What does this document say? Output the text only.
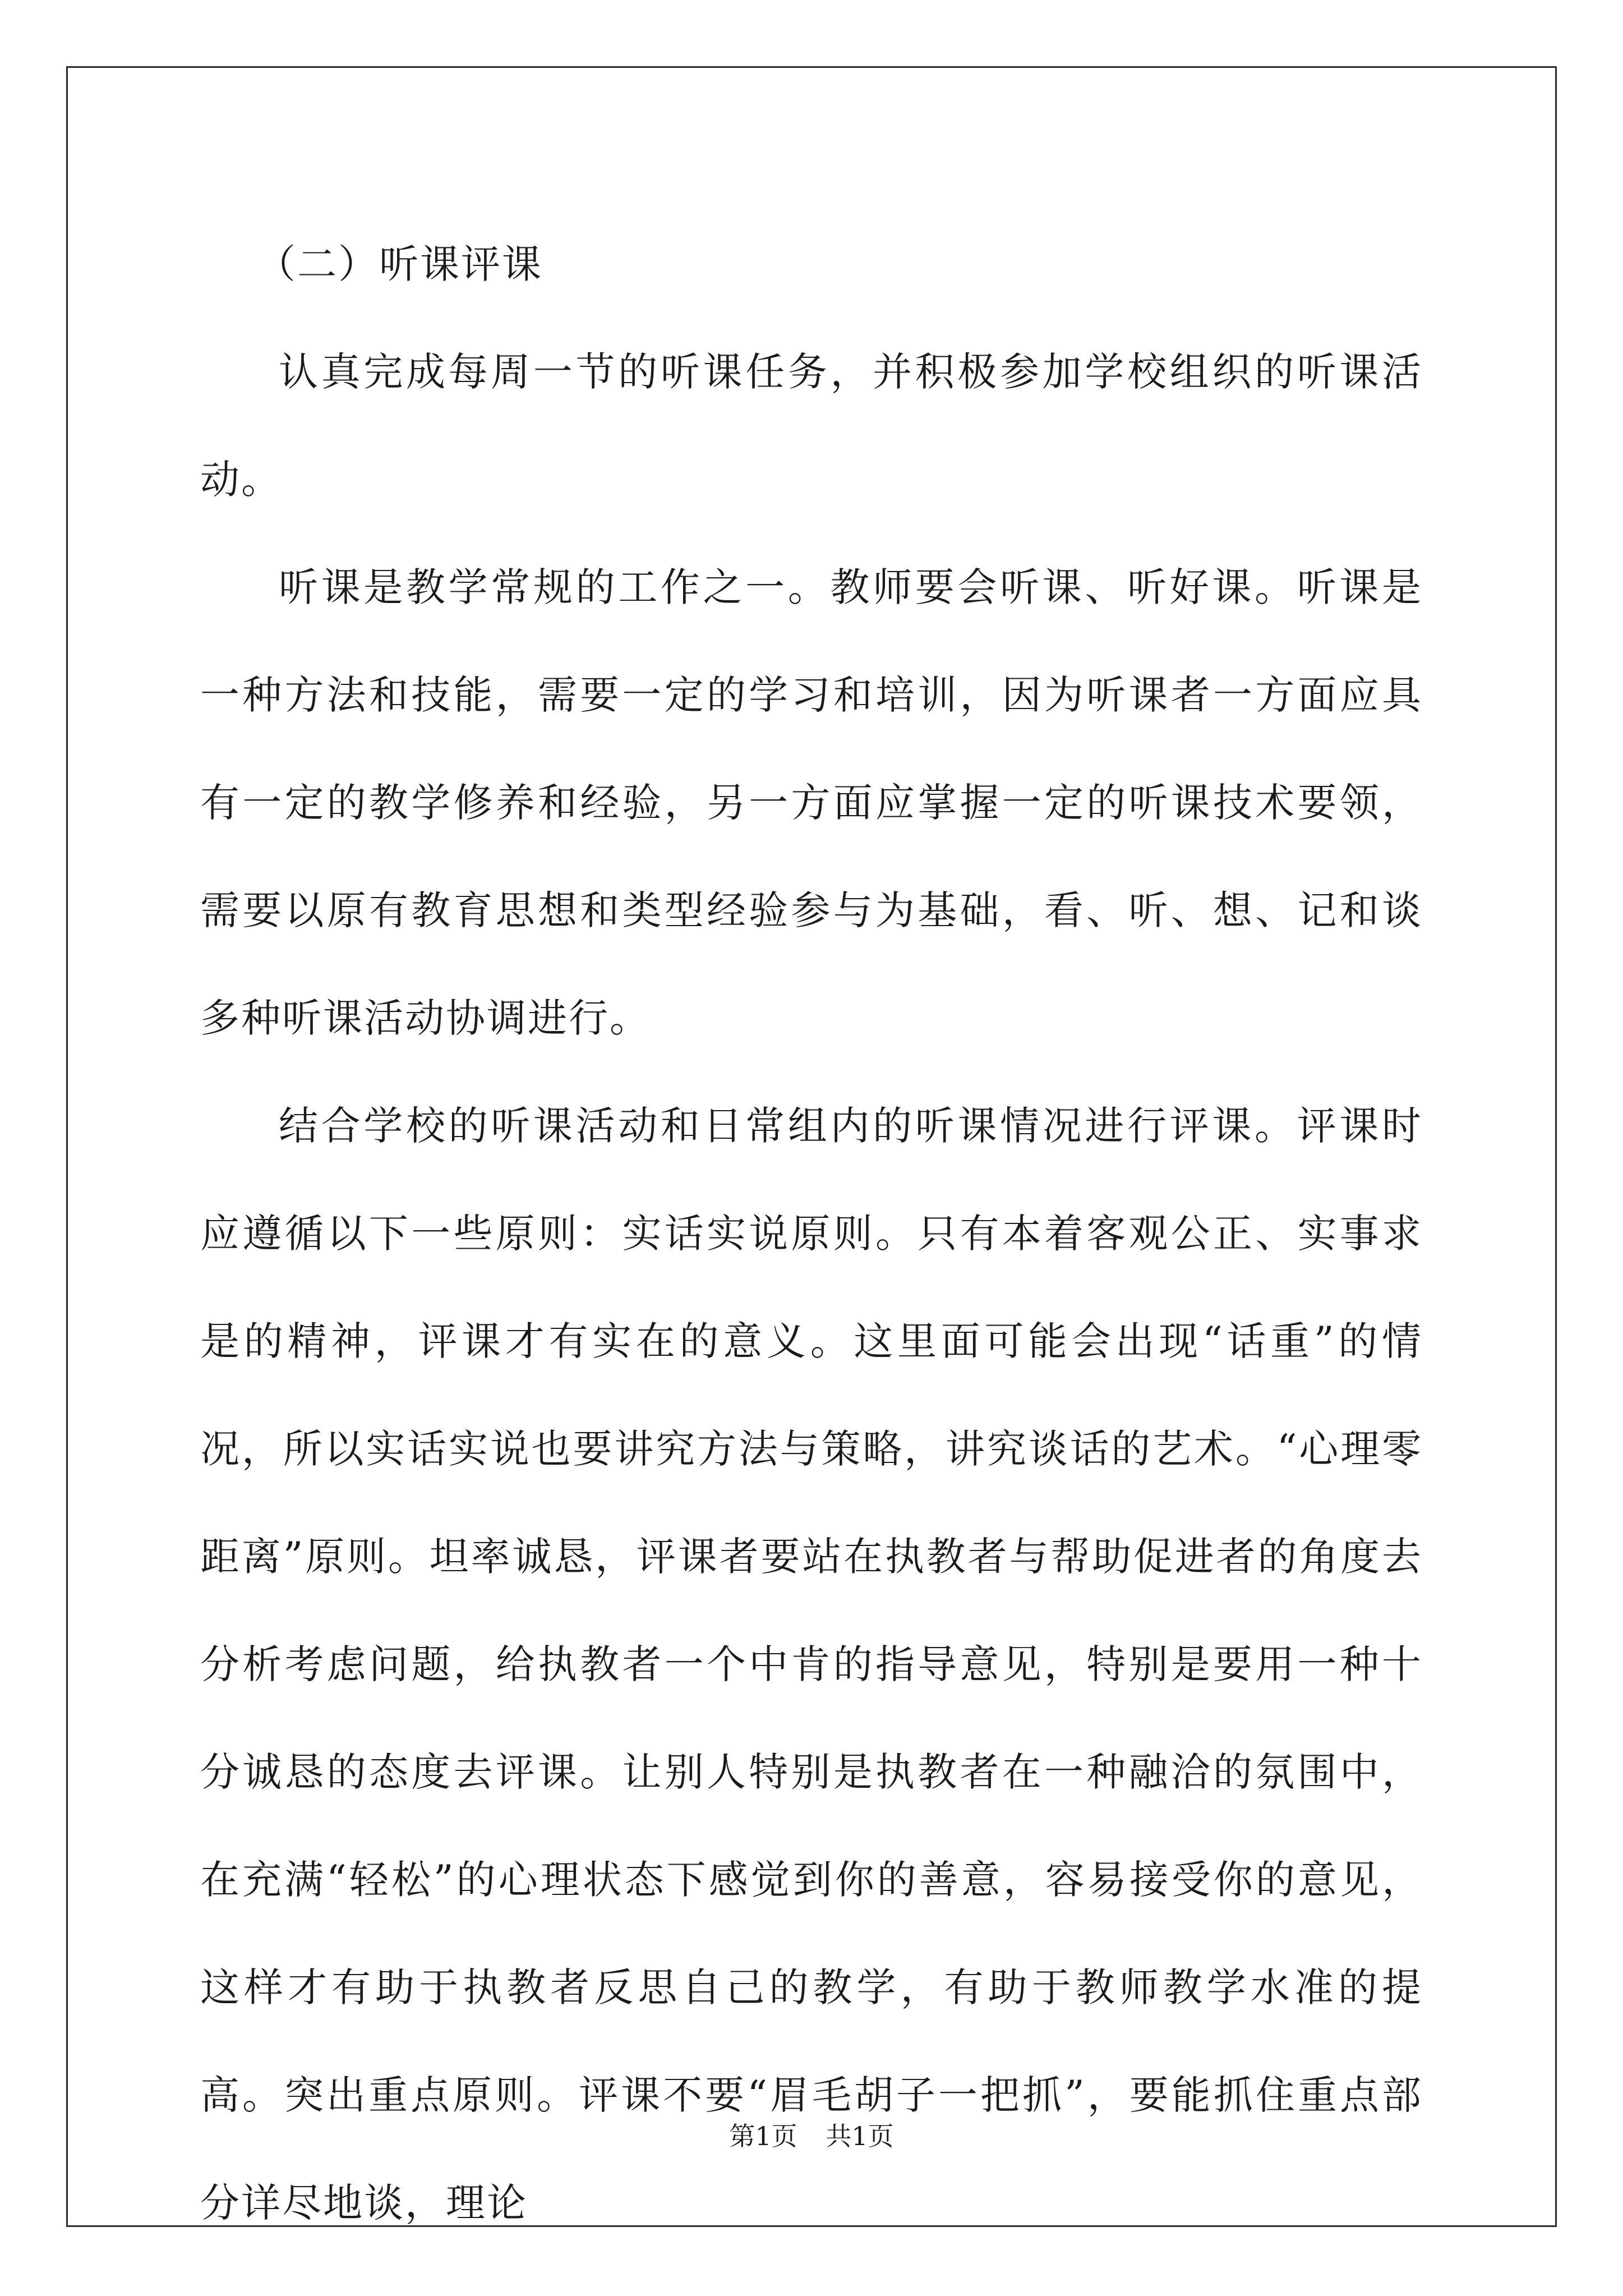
（二）听课评课

认真完成每周一节的听课任务，并积极参加学校组织的听课活动。

听课是教学常规的工作之一。教师要会听课、听好课。听课是一种方法和技能，需要一定的学习和培训，因为听课者一方面应具有一定的教学修养和经验，另一方面应掌握一定的听课技术要领，需要以原有教育思想和类型经验参与为基础，看、听、想、记和谈多种听课活动协调进行。

结合学校的听课活动和日常组内的听课情况进行评课。评课时应遵循以下一些原则：实话实说原则。只有本着客观公正、实事求是的精神，评课才有实在的意义。这里面可能会出现“话重”的情况，所以实话实说也要讲究方法与策略，讲究谈话的艺术。“心理零距离”原则。坦率诚恳，评课者要站在执教者与帮助促进者的角度去分析考虑问题，给执教者一个中肯的指导意见，特别是要用一种十分诚恳的态度去评课。让别人特别是执教者在一种融洽的氛围中，在充满“轻松”的心理状态下感觉到你的善意，容易接受你的意见，这样才有助于执教者反思自己的教学，有助于教师教学水准的提高。突出重点原则。评课不要“眉毛胡子一把抓”，要能抓住重点部分详尽地谈，理论

第1页 共1页
